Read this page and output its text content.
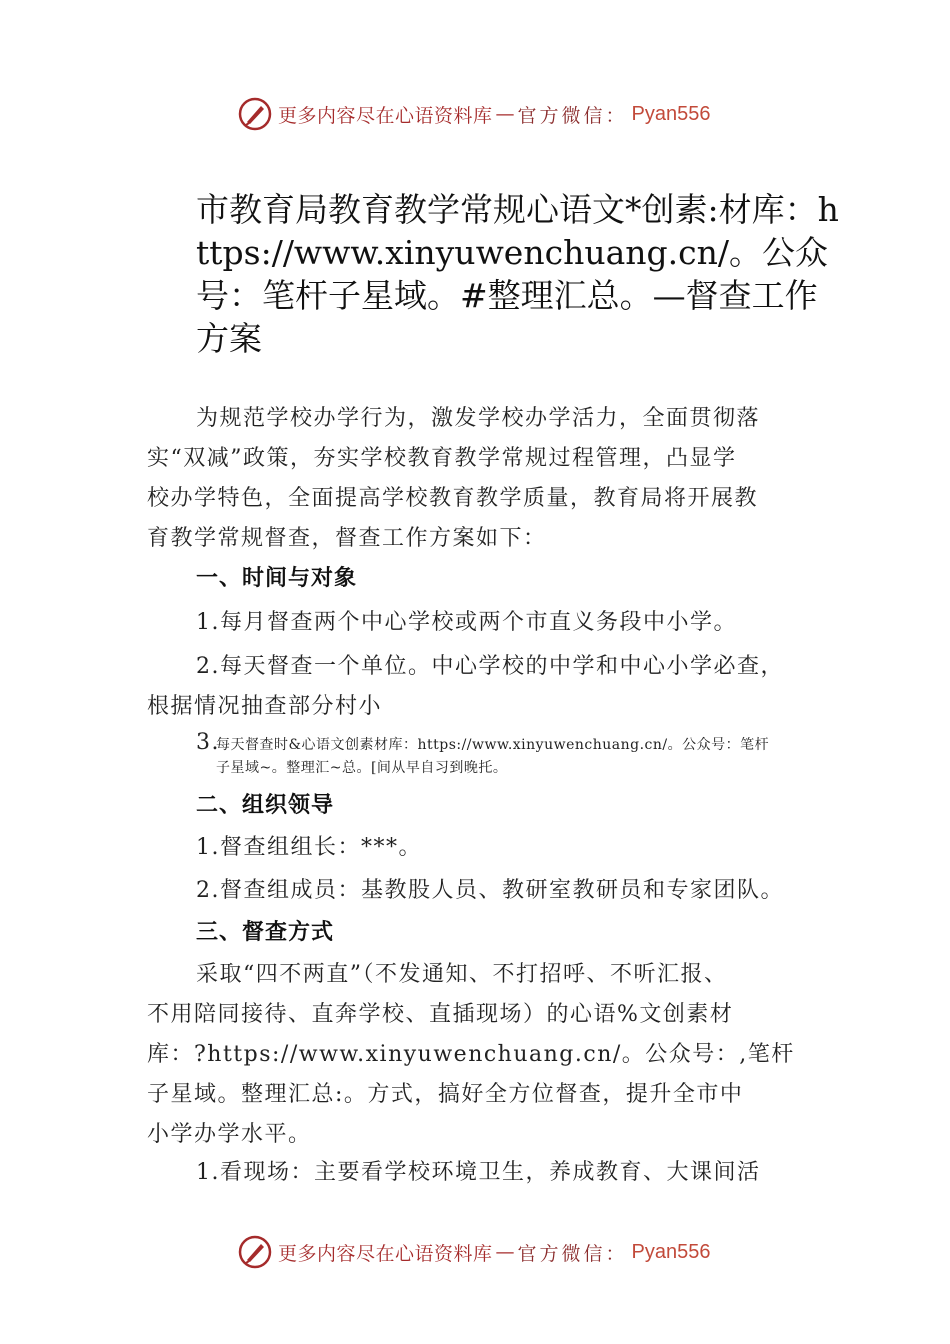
更多内容尽在心语资料库 — 官方微信： Pyan556
市教育局教育教学常规心语文*创素:材库：https://www.xinyuwenchuang.cn/。公众号：笔杆子星域。#整理汇总。—督查工作方案
为规范学校办学行为，激发学校办学活力，全面贯彻落
实“双减”政策，夯实学校教育教学常规过程管理，凸显学
校办学特色，全面提高学校教育教学质量，教育局将开展教
育教学常规督查，督查工作方案如下：
一、时间与对象
1.每月督查两个中心学校或两个市直义务段中小学。
2.每天督查一个单位。中心学校的中学和中心小学必查，
根据情况抽查部分村小
3.
每天督查时&心语文创素材库：https://www.xinyuwenchuang.cn/。公众号：笔杆
子星域~。整理汇~总。[间从早自习到晚托。
二、组织领导
1.督查组组长：***。
2.督查组成员：基教股人员、教研室教研员和专家团队。
三、督查方式
采取“四不两直”（不发通知、不打招呼、不听汇报、
不用陪同接待、直奔学校、直插现场）的心语%文创素材
库：?https://www.xinyuwenchuang.cn/。公众号：,笔杆
子星域。整理汇总:。方式，搞好全方位督查，提升全市中
小学办学水平。
1.看现场：主要看学校环境卫生，养成教育、大课间活
更多内容尽在心语资料库 — 官方微信： Pyan556
